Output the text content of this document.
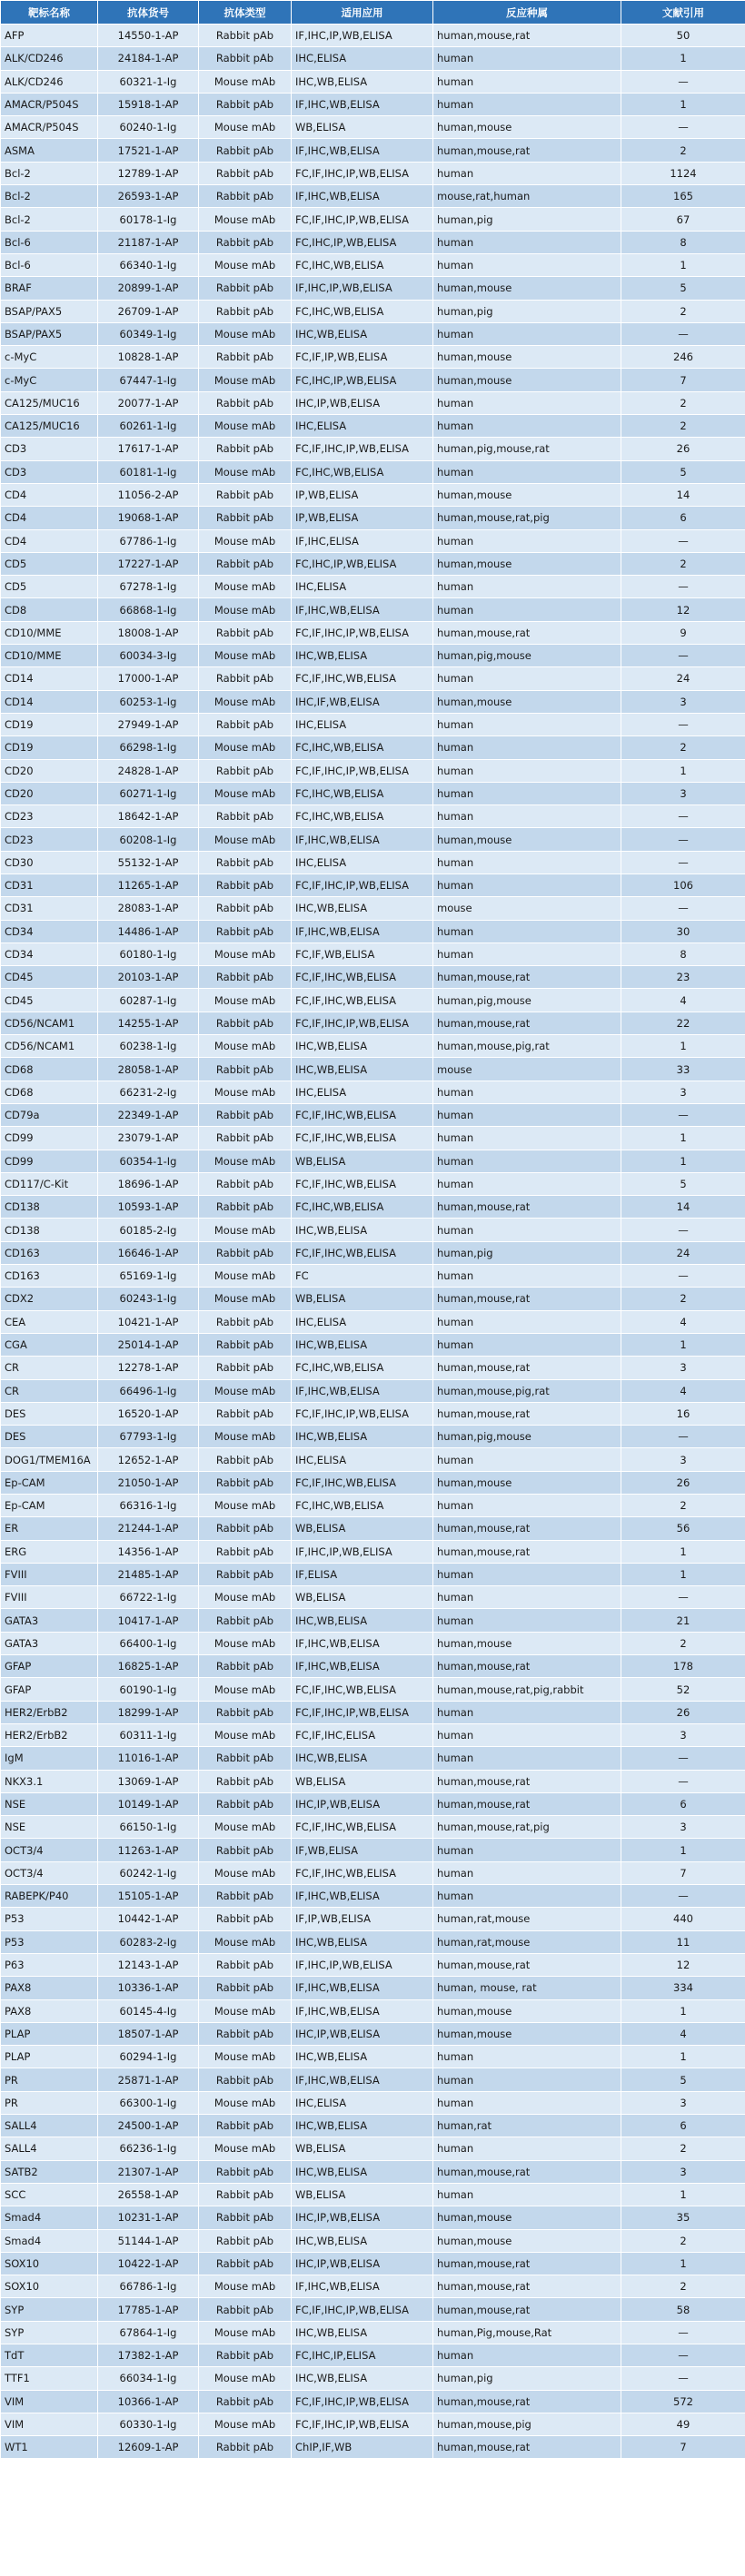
靶标名称	抗体货号	抗体类型	适用应用	反应种属	文献引用
AFP	14550-1-AP	Rabbit pAb	IF,IHC,IP,WB,ELISA	human,mouse,rat	50
ALK/CD246	24184-1-AP	Rabbit pAb	IHC,ELISA	human	1
ALK/CD246	60321-1-Ig	Mouse mAb	IHC,WB,ELISA	human	—
AMACR/P504S	15918-1-AP	Rabbit pAb	IF,IHC,WB,ELISA	human	1
AMACR/P504S	60240-1-Ig	Mouse mAb	WB,ELISA	human,mouse	—
ASMA	17521-1-AP	Rabbit pAb	IF,IHC,WB,ELISA	human,mouse,rat	2
Bcl-2	12789-1-AP	Rabbit pAb	FC,IF,IHC,IP,WB,ELISA	human	1124
Bcl-2	26593-1-AP	Rabbit pAb	IF,IHC,WB,ELISA	mouse,rat,human	165
Bcl-2	60178-1-Ig	Mouse mAb	FC,IF,IHC,IP,WB,ELISA	human,pig	67
Bcl-6	21187-1-AP	Rabbit pAb	FC,IHC,IP,WB,ELISA	human	8
Bcl-6	66340-1-Ig	Mouse mAb	FC,IHC,WB,ELISA	human	1
BRAF	20899-1-AP	Rabbit pAb	IF,IHC,IP,WB,ELISA	human,mouse	5
BSAP/PAX5	26709-1-AP	Rabbit pAb	FC,IHC,WB,ELISA	human,pig	2
BSAP/PAX5	60349-1-Ig	Mouse mAb	IHC,WB,ELISA	human	—
c-MyC	10828-1-AP	Rabbit pAb	FC,IF,IP,WB,ELISA	human,mouse	246
c-MyC	67447-1-Ig	Mouse mAb	FC,IHC,IP,WB,ELISA	human,mouse	7
CA125/MUC16	20077-1-AP	Rabbit pAb	IHC,IP,WB,ELISA	human	2
CA125/MUC16	60261-1-Ig	Mouse mAb	IHC,ELISA	human	2
CD3	17617-1-AP	Rabbit pAb	FC,IF,IHC,IP,WB,ELISA	human,pig,mouse,rat	26
CD3	60181-1-Ig	Mouse mAb	FC,IHC,WB,ELISA	human	5
CD4	11056-2-AP	Rabbit pAb	IP,WB,ELISA	human,mouse	14
CD4	19068-1-AP	Rabbit pAb	IP,WB,ELISA	human,mouse,rat,pig	6
CD4	67786-1-Ig	Mouse mAb	IF,IHC,ELISA	human	—
CD5	17227-1-AP	Rabbit pAb	FC,IHC,IP,WB,ELISA	human,mouse	2
CD5	67278-1-Ig	Mouse mAb	IHC,ELISA	human	—
CD8	66868-1-Ig	Mouse mAb	IF,IHC,WB,ELISA	human	12
CD10/MME	18008-1-AP	Rabbit pAb	FC,IF,IHC,IP,WB,ELISA	human,mouse,rat	9
CD10/MME	60034-3-Ig	Mouse mAb	IHC,WB,ELISA	human,pig,mouse	—
CD14	17000-1-AP	Rabbit pAb	FC,IF,IHC,WB,ELISA	human	24
CD14	60253-1-Ig	Mouse mAb	IHC,IF,WB,ELISA	human,mouse	3
CD19	27949-1-AP	Rabbit pAb	IHC,ELISA	human	—
CD19	66298-1-Ig	Mouse mAb	FC,IHC,WB,ELISA	human	2
CD20	24828-1-AP	Rabbit pAb	FC,IF,IHC,IP,WB,ELISA	human	1
CD20	60271-1-Ig	Mouse mAb	FC,IHC,WB,ELISA	human	3
CD23	18642-1-AP	Rabbit pAb	FC,IHC,WB,ELISA	human	—
CD23	60208-1-Ig	Mouse mAb	IF,IHC,WB,ELISA	human,mouse	—
CD30	55132-1-AP	Rabbit pAb	IHC,ELISA	human	—
CD31	11265-1-AP	Rabbit pAb	FC,IF,IHC,IP,WB,ELISA	human	106
CD31	28083-1-AP	Rabbit pAb	IHC,WB,ELISA	mouse	—
CD34	14486-1-AP	Rabbit pAb	IF,IHC,WB,ELISA	human	30
CD34	60180-1-Ig	Mouse mAb	FC,IF,WB,ELISA	human	8
CD45	20103-1-AP	Rabbit pAb	FC,IF,IHC,WB,ELISA	human,mouse,rat	23
CD45	60287-1-Ig	Mouse mAb	FC,IF,IHC,WB,ELISA	human,pig,mouse	4
CD56/NCAM1	14255-1-AP	Rabbit pAb	FC,IF,IHC,IP,WB,ELISA	human,mouse,rat	22
CD56/NCAM1	60238-1-Ig	Mouse mAb	IHC,WB,ELISA	human,mouse,pig,rat	1
CD68	28058-1-AP	Rabbit pAb	IHC,WB,ELISA	mouse	33
CD68	66231-2-Ig	Mouse mAb	IHC,ELISA	human	3
CD79a	22349-1-AP	Rabbit pAb	FC,IF,IHC,WB,ELISA	human	—
CD99	23079-1-AP	Rabbit pAb	FC,IF,IHC,WB,ELISA	human	1
CD99	60354-1-Ig	Mouse mAb	WB,ELISA	human	1
CD117/C-Kit	18696-1-AP	Rabbit pAb	FC,IF,IHC,WB,ELISA	human	5
CD138	10593-1-AP	Rabbit pAb	FC,IHC,WB,ELISA	human,mouse,rat	14
CD138	60185-2-Ig	Mouse mAb	IHC,WB,ELISA	human	—
CD163	16646-1-AP	Rabbit pAb	FC,IF,IHC,WB,ELISA	human,pig	24
CD163	65169-1-Ig	Mouse mAb	FC	human	—
CDX2	60243-1-Ig	Mouse mAb	WB,ELISA	human,mouse,rat	2
CEA	10421-1-AP	Rabbit pAb	IHC,ELISA	human	4
CGA	25014-1-AP	Rabbit pAb	IHC,WB,ELISA	human	1
CR	12278-1-AP	Rabbit pAb	FC,IHC,WB,ELISA	human,mouse,rat	3
CR	66496-1-Ig	Mouse mAb	IF,IHC,WB,ELISA	human,mouse,pig,rat	4
DES	16520-1-AP	Rabbit pAb	FC,IF,IHC,IP,WB,ELISA	human,mouse,rat	16
DES	67793-1-Ig	Mouse mAb	IHC,WB,ELISA	human,pig,mouse	—
DOG1/TMEM16A	12652-1-AP	Rabbit pAb	IHC,ELISA	human	3
Ep-CAM	21050-1-AP	Rabbit pAb	FC,IF,IHC,WB,ELISA	human,mouse	26
Ep-CAM	66316-1-Ig	Mouse mAb	FC,IHC,WB,ELISA	human	2
ER	21244-1-AP	Rabbit pAb	WB,ELISA	human,mouse,rat	56
ERG	14356-1-AP	Rabbit pAb	IF,IHC,IP,WB,ELISA	human,mouse,rat	1
FVIII	21485-1-AP	Rabbit pAb	IF,ELISA	human	1
FVIII	66722-1-Ig	Mouse mAb	WB,ELISA	human	—
GATA3	10417-1-AP	Rabbit pAb	IHC,WB,ELISA	human	21
GATA3	66400-1-Ig	Mouse mAb	IF,IHC,WB,ELISA	human,mouse	2
GFAP	16825-1-AP	Rabbit pAb	IF,IHC,WB,ELISA	human,mouse,rat	178
GFAP	60190-1-Ig	Mouse mAb	FC,IF,IHC,WB,ELISA	human,mouse,rat,pig,rabbit	52
HER2/ErbB2	18299-1-AP	Rabbit pAb	FC,IF,IHC,IP,WB,ELISA	human	26
HER2/ErbB2	60311-1-Ig	Mouse mAb	FC,IF,IHC,ELISA	human	3
IgM	11016-1-AP	Rabbit pAb	IHC,WB,ELISA	human	—
NKX3.1	13069-1-AP	Rabbit pAb	WB,ELISA	human,mouse,rat	—
NSE	10149-1-AP	Rabbit pAb	IHC,IP,WB,ELISA	human,mouse,rat	6
NSE	66150-1-Ig	Mouse mAb	FC,IF,IHC,WB,ELISA	human,mouse,rat,pig	3
OCT3/4	11263-1-AP	Rabbit pAb	IF,WB,ELISA	human	1
OCT3/4	60242-1-Ig	Mouse mAb	FC,IF,IHC,WB,ELISA	human	7
RABEPK/P40	15105-1-AP	Rabbit pAb	IF,IHC,WB,ELISA	human	—
P53	10442-1-AP	Rabbit pAb	IF,IP,WB,ELISA	human,rat,mouse	440
P53	60283-2-Ig	Mouse mAb	IHC,WB,ELISA	human,rat,mouse	11
P63	12143-1-AP	Rabbit pAb	IF,IHC,IP,WB,ELISA	human,mouse,rat	12
PAX8	10336-1-AP	Rabbit pAb	IF,IHC,WB,ELISA	human, mouse, rat	334
PAX8	60145-4-Ig	Mouse mAb	IF,IHC,WB,ELISA	human,mouse	1
PLAP	18507-1-AP	Rabbit pAb	IHC,IP,WB,ELISA	human,mouse	4
PLAP	60294-1-Ig	Mouse mAb	IHC,WB,ELISA	human	1
PR	25871-1-AP	Rabbit pAb	IF,IHC,WB,ELISA	human	5
PR	66300-1-Ig	Mouse mAb	IHC,ELISA	human	3
SALL4	24500-1-AP	Rabbit pAb	IHC,WB,ELISA	human,rat	6
SALL4	66236-1-Ig	Mouse mAb	WB,ELISA	human	2
SATB2	21307-1-AP	Rabbit pAb	IHC,WB,ELISA	human,mouse,rat	3
SCC	26558-1-AP	Rabbit pAb	WB,ELISA	human	1
Smad4	10231-1-AP	Rabbit pAb	IHC,IP,WB,ELISA	human,mouse	35
Smad4	51144-1-AP	Rabbit pAb	IHC,WB,ELISA	human,mouse	2
SOX10	10422-1-AP	Rabbit pAb	IHC,IP,WB,ELISA	human,mouse,rat	1
SOX10	66786-1-Ig	Mouse mAb	IF,IHC,WB,ELISA	human,mouse,rat	2
SYP	17785-1-AP	Rabbit pAb	FC,IF,IHC,IP,WB,ELISA	human,mouse,rat	58
SYP	67864-1-Ig	Mouse mAb	IHC,WB,ELISA	human,Pig,mouse,Rat	—
TdT	17382-1-AP	Rabbit pAb	FC,IHC,IP,ELISA	human	—
TTF1	66034-1-Ig	Mouse mAb	IHC,WB,ELISA	human,pig	—
VIM	10366-1-AP	Rabbit pAb	FC,IF,IHC,IP,WB,ELISA	human,mouse,rat	572
VIM	60330-1-Ig	Mouse mAb	FC,IF,IHC,IP,WB,ELISA	human,mouse,pig	49
WT1	12609-1-AP	Rabbit pAb	ChIP,IF,WB	human,mouse,rat	7
